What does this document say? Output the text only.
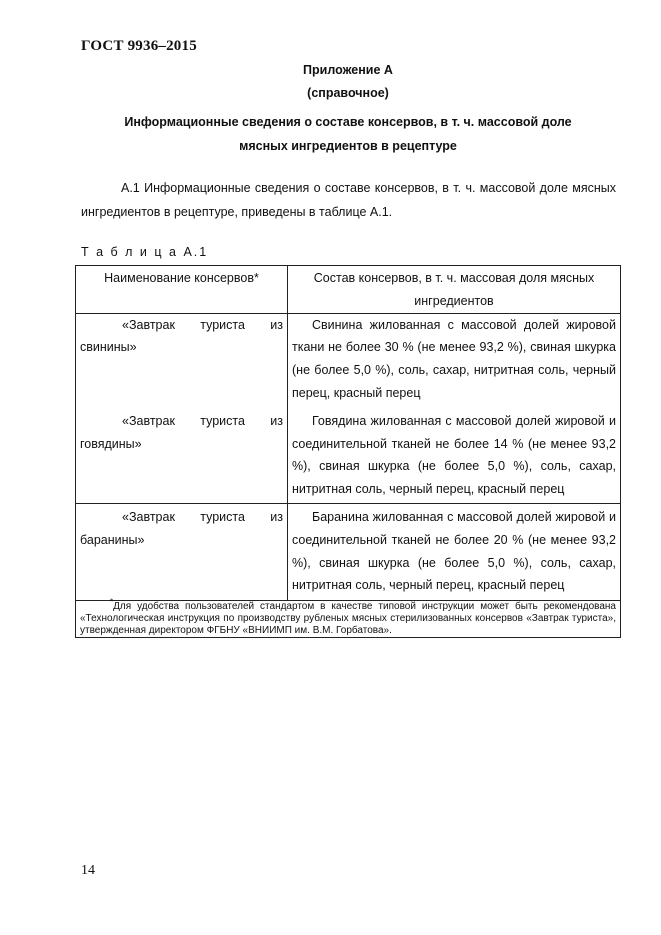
ГОСТ 9936–2015
Приложение А
(справочное)
Информационные сведения о составе консервов, в т. ч. массовой доле мясных ингредиентов в рецептуре

А.1 Информационные сведения о составе консервов, в т. ч. массовой доле мясных ингредиентов в рецептуре, приведены в таблице А.1.

Т а б л и ц а А.1
Наименование консервов*	Состав консервов, в т. ч. массовая доля мясных ингредиентов
«Завтрак туриста из свинины»	Свинина жилованная с массовой долей жировой ткани не более 30 % (не менее 93,2 %), свиная шкурка (не более 5,0 %), соль, сахар, нитритная соль, черный перец, красный перец
«Завтрак туриста из говядины»	Говядина жилованная с массовой долей жировой и соединительной тканей не более 14 % (не менее 93,2 %), свиная шкурка (не более 5,0 %), соль, сахар, нитритная соль, черный перец, красный перец
«Завтрак туриста из баранины»	Баранина жилованная с массовой долей жировой и соединительной тканей не более 20 % (не менее 93,2 %), свиная шкурка (не более 5,0 %), соль, сахар, нитритная соль, черный перец, красный перец

*Для удобства пользователей стандартом в качестве типовой инструкции может быть рекомендована «Технологическая инструкция по производству рубленых мясных стерилизованных консервов «Завтрак туриста», утвержденная директором ФГБНУ «ВНИИМП им. В.М. Горбатова».	
14
